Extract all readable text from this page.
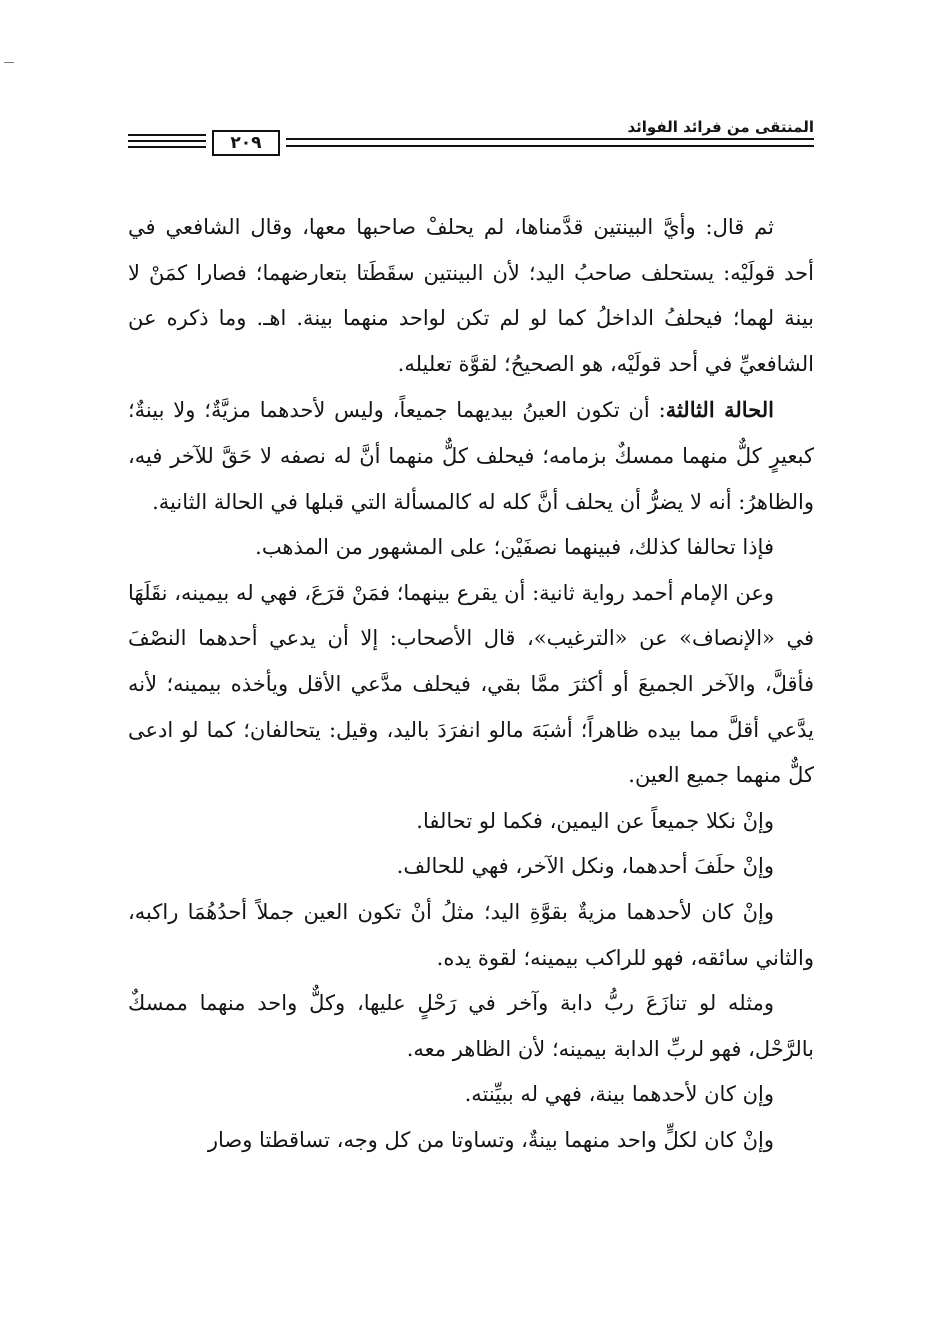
٢٠٩
المنتقى من فرائد الفوائد

ثم قال: وأيَّ البينتين قدَّمناها، لم يحلفْ صاحبها معها، وقال الشافعي في أحد قولَيْه: يستحلف صاحبُ اليد؛ لأن البينتين سقَطَتا بتعارضهما؛ فصارا كمَنْ لا بينة لهما؛ فيحلفُ الداخلُ كما لو لم تكن لواحد منهما بينة. اهـ. وما ذكره عن الشافعيِّ في أحد قولَيْه، هو الصحيحُ؛ لقوَّة تعليله.

الحالة الثالثة: أن تكون العينُ بيديهما جميعاً، وليس لأحدهما مزيَّةٌ؛ ولا بينةٌ؛ كبعيرٍ كلٌّ منهما ممسكٌ بزمامه؛ فيحلف كلٌّ منهما أنَّ له نصفه لا حَقَّ للآخر فيه، والظاهرُ: أنه لا يضرُّ أن يحلف أنَّ كله له كالمسألة التي قبلها في الحالة الثانية.

فإذا تحالفا كذلك، فبينهما نصفَيْن؛ على المشهور من المذهب.

وعن الإمام أحمد رواية ثانية: أن يقرع بينهما؛ فمَنْ قرَعَ، فهي له بيمينه، نقَلَهَا في «الإنصاف» عن «الترغيب»، قال الأصحاب: إلا أن يدعي أحدهما النصْفَ فأقلَّ، والآخر الجميعَ أو أكثرَ ممَّا بقي، فيحلف مدَّعي الأقل ويأخذه بيمينه؛ لأنه يدَّعي أقلَّ مما بيده ظاهراً؛ أشبَهَ مالو انفرَدَ باليد، وقيل: يتحالفان؛ كما لو ادعى كلٌّ منهما جميع العين.

وإنْ نكلا جميعاً عن اليمين، فكما لو تحالفا.

وإنْ حلَفَ أحدهما، ونكل الآخر، فهي للحالف.

وإنْ كان لأحدهما مزيةٌ بقوَّةِ اليد؛ مثلُ أنْ تكون العين جملاً أحدُهُمَا راكبه، والثاني سائقه، فهو للراكب بيمينه؛ لقوة يده.

ومثله لو تنازَعَ ربُّ دابة وآخر في رَحْلٍ عليها، وكلٌّ واحد منهما ممسكٌ بالرَّحْل، فهو لربِّ الدابة بيمينه؛ لأن الظاهر معه.

وإن كان لأحدهما بينة، فهي له ببيِّنته.

وإنْ كان لكلٍّ واحد منهما بينةٌ، وتساوتا من كل وجه، تساقطتا وصار
